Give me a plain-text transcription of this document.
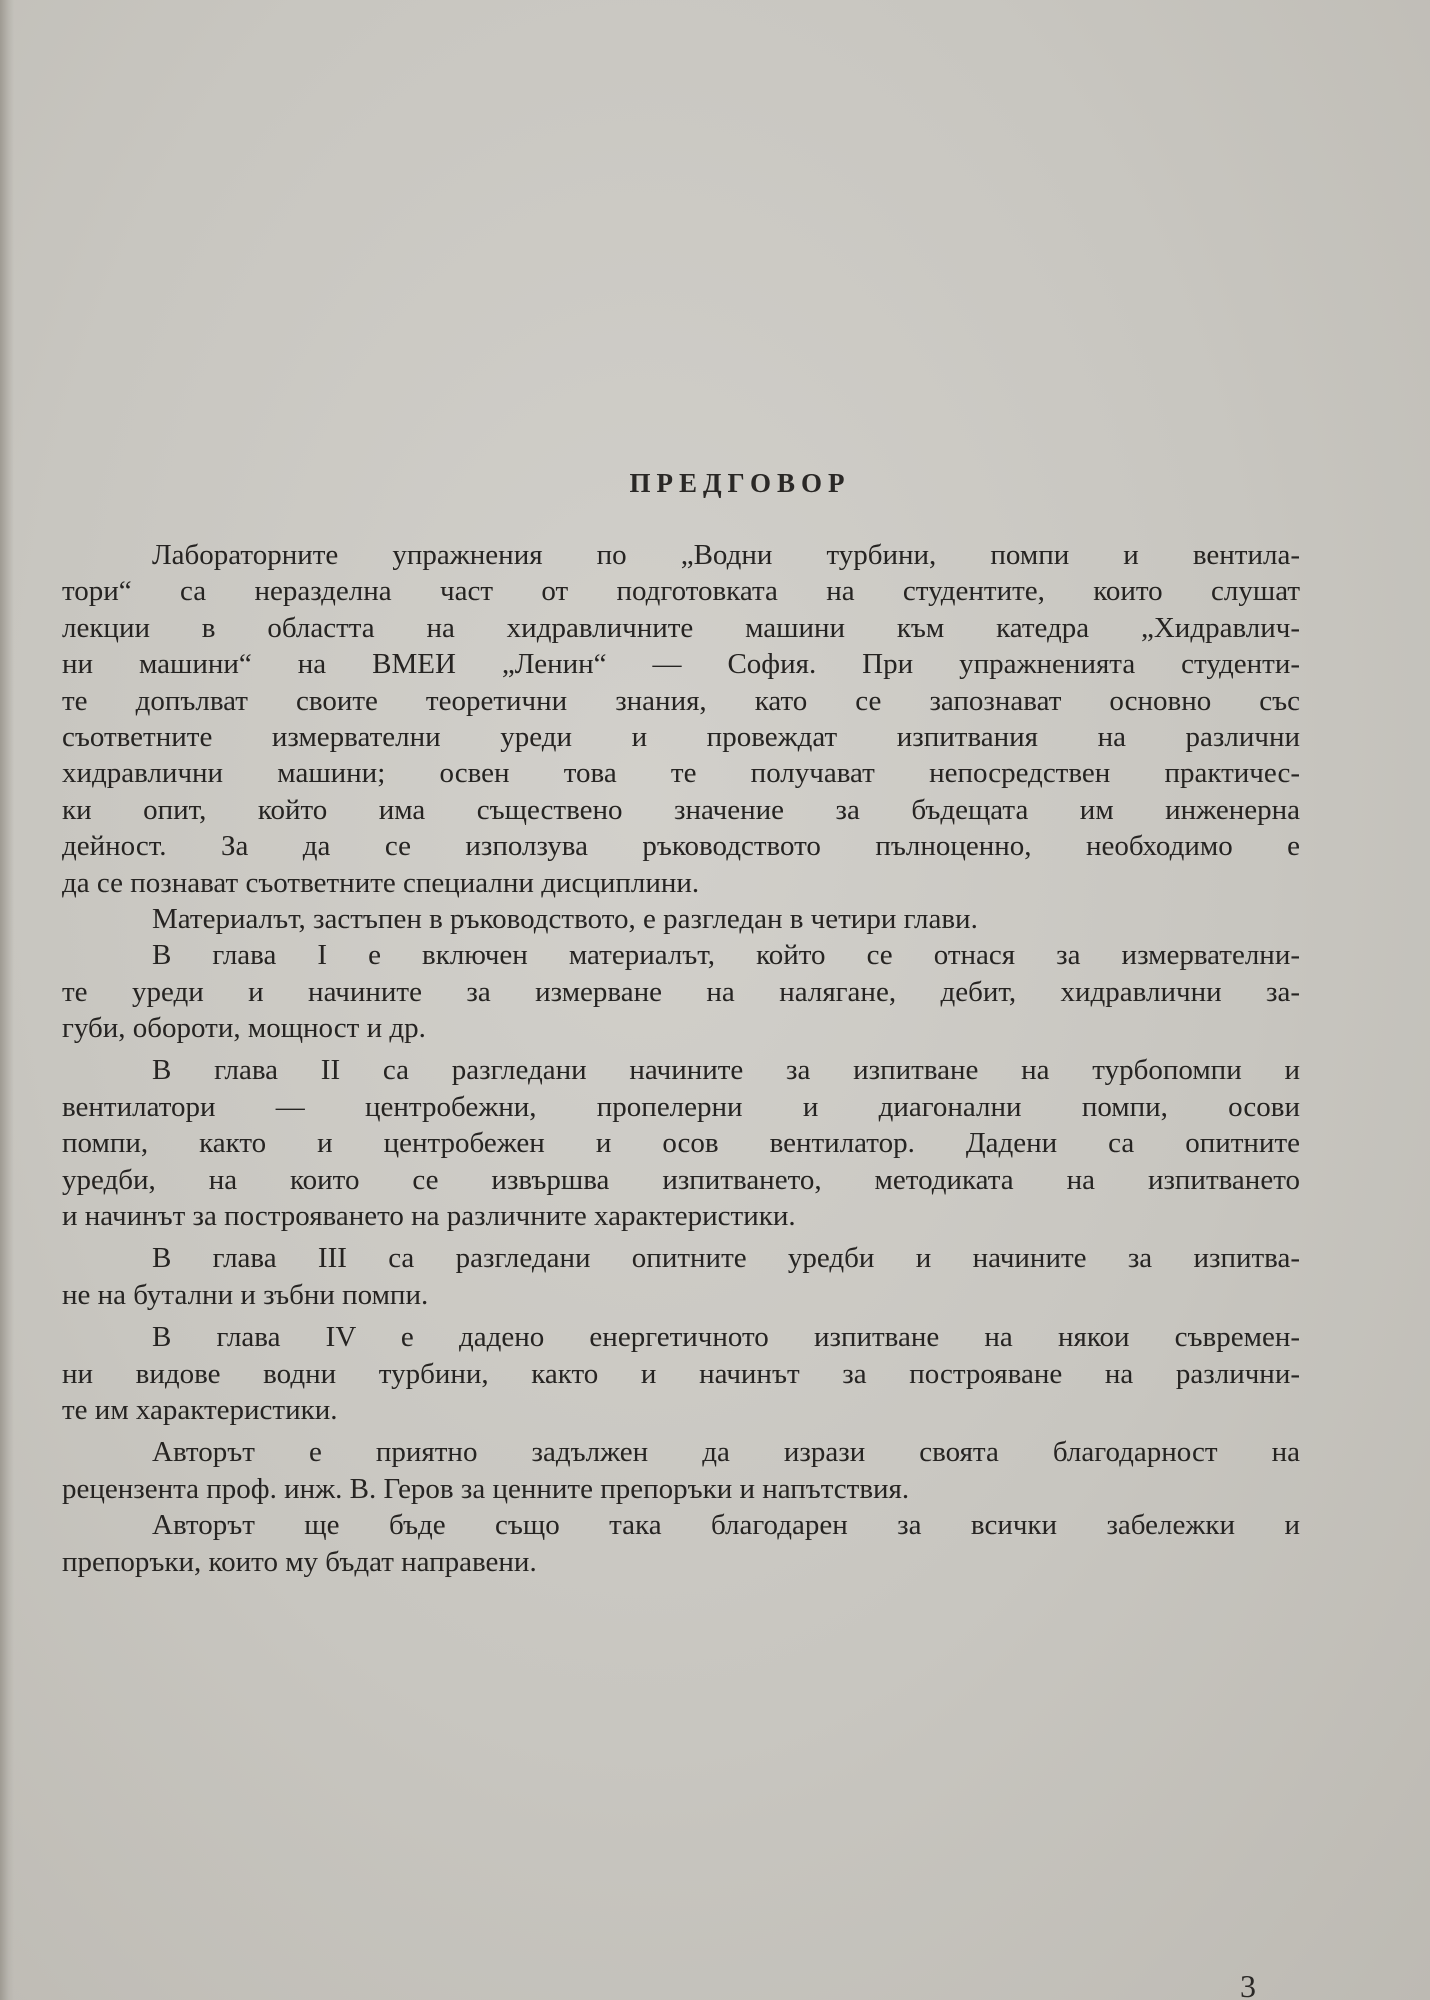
ПРЕДГОВОР
Лабораторните упражнения по „Водни турбини, помпи и вентила-
тори“ са неразделна част от подготовката на студентите, които слушат
лекции в областта на хидравличните машини към катедра „Хидравлич-
ни машини“ на ВМЕИ „Ленин“ — София. При упражненията студенти-
те допълват своите теоретични знания, като се запознават основно със
съответните измервателни уреди и провеждат изпитвания на различни
хидравлични машини; освен това те получават непосредствен практичес-
ки опит, който има съществено значение за бъдещата им инженерна
дейност. За да се използува ръководството пълноценно, необходимо е
да се познават съответните специални дисциплини.
Материалът, застъпен в ръководството, е разгледан в четири глави.
В глава I е включен материалът, който се отнася за измервателни-
те уреди и начините за измерване на налягане, дебит, хидравлични за-
губи, обороти, мощност и др.
В глава II са разгледани начините за изпитване на турбопомпи и
вентилатори — центробежни, пропелерни и диагонални помпи, осови
помпи, както и центробежен и осов вентилатор. Дадени са опитните
уредби, на които се извършва изпитването, методиката на изпитването
и начинът за построяването на различните характеристики.
В глава III са разгледани опитните уредби и начините за изпитва-
не на бутални и зъбни помпи.
В глава IV е дадено енергетичното изпитване на някои съвремен-
ни видове водни турбини, както и начинът за построяване на различни-
те им характеристики.
Авторът е приятно задължен да изрази своята благодарност на
рецензента проф. инж. В. Геров за ценните препоръки и напътствия.
Авторът ще бъде също така благодарен за всички забележки и
препоръки, които му бъдат направени.
3
